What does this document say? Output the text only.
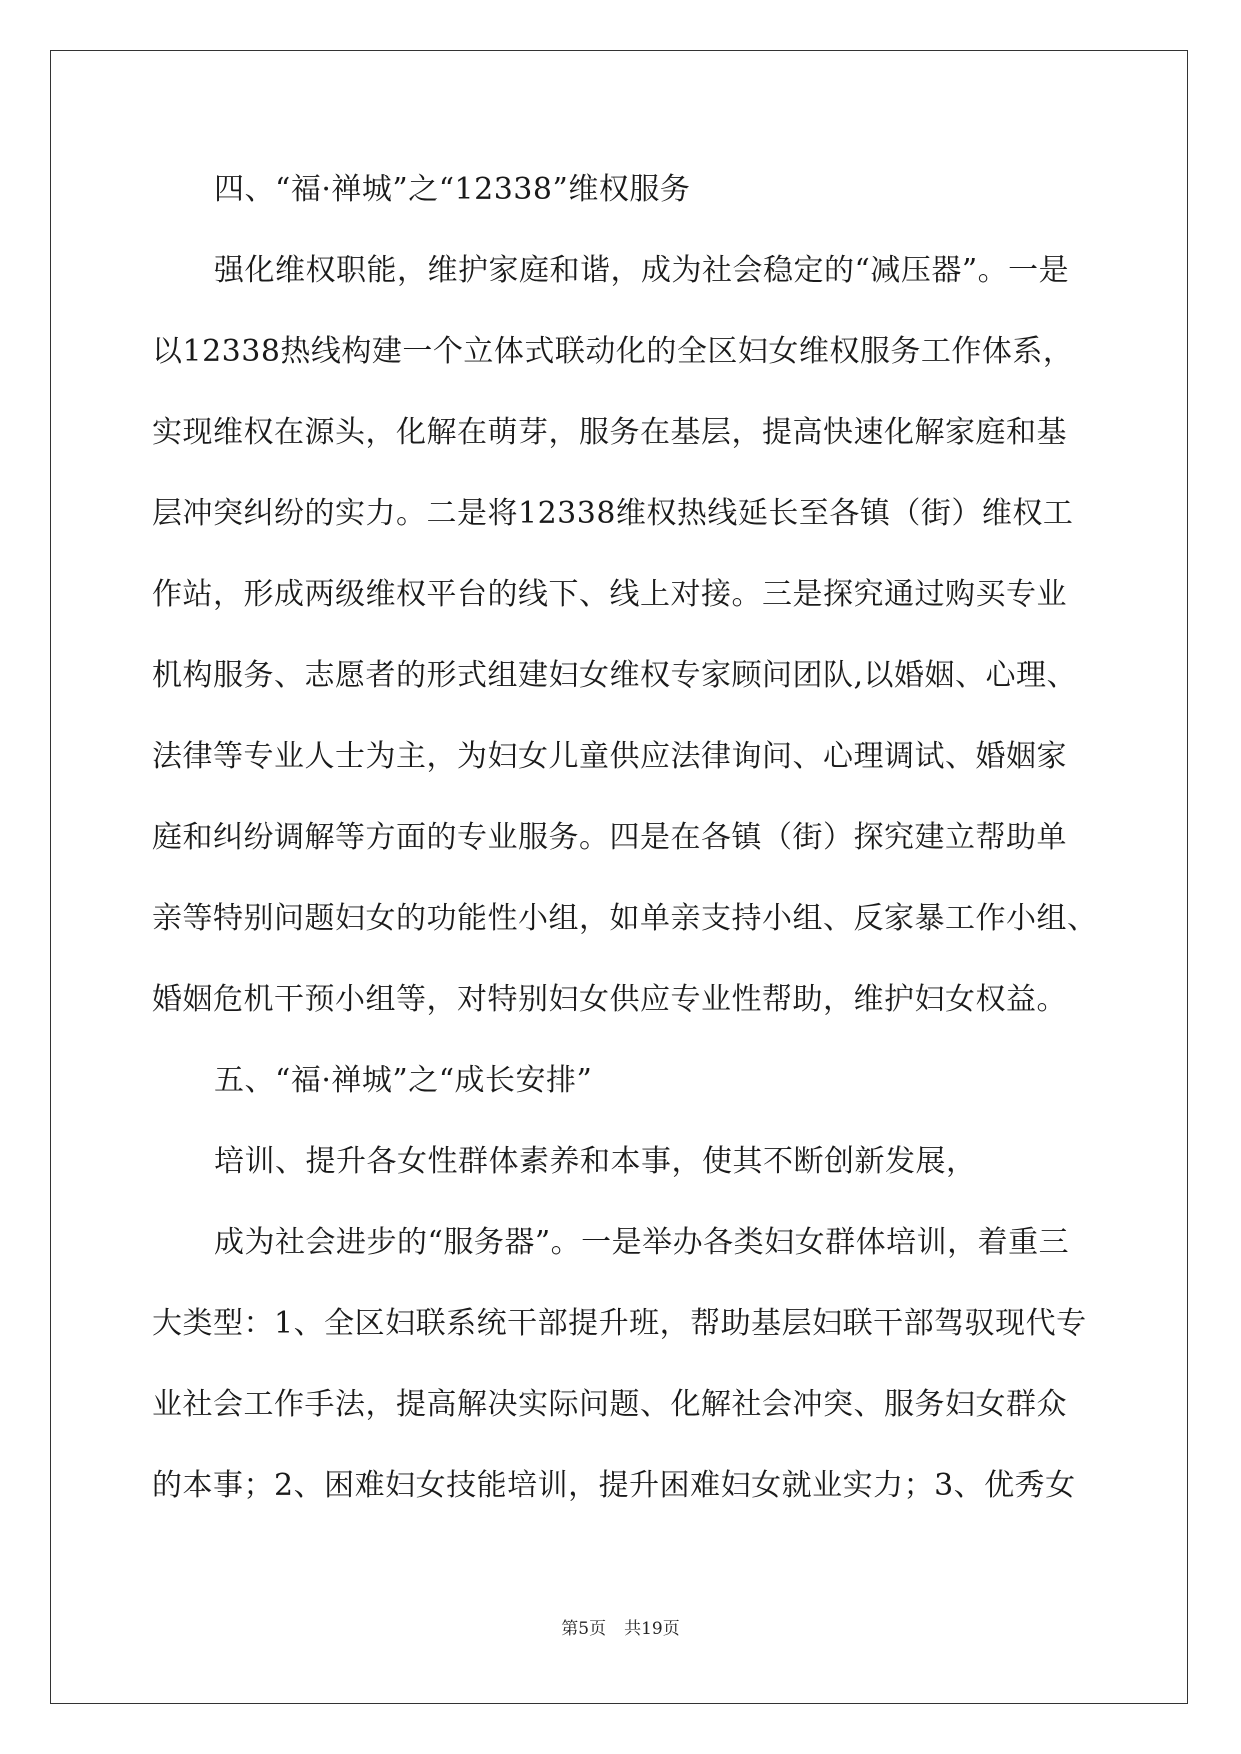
四、“福·禅城”之“12338”维权服务
强化维权职能，维护家庭和谐，成为社会稳定的“减压器”。一是
以12338热线构建一个立体式联动化的全区妇女维权服务工作体系，
实现维权在源头，化解在萌芽，服务在基层，提高快速化解家庭和基
层冲突纠纷的实力。二是将12338维权热线延长至各镇（街）维权工
作站，形成两级维权平台的线下、线上对接。三是探究通过购买专业
机构服务、志愿者的形式组建妇女维权专家顾问团队,以婚姻、心理、
法律等专业人士为主，为妇女儿童供应法律询问、心理调试、婚姻家
庭和纠纷调解等方面的专业服务。四是在各镇（街）探究建立帮助单
亲等特别问题妇女的功能性小组，如单亲支持小组、反家暴工作小组、
婚姻危机干预小组等，对特别妇女供应专业性帮助，维护妇女权益。
五、“福·禅城”之“成长安排”
培训、提升各女性群体素养和本事，使其不断创新发展，
成为社会进步的“服务器”。一是举办各类妇女群体培训，着重三
大类型：1、全区妇联系统干部提升班，帮助基层妇联干部驾驭现代专
业社会工作手法，提高解决实际问题、化解社会冲突、服务妇女群众
的本事；2、困难妇女技能培训，提升困难妇女就业实力；3、优秀女
第5页 共19页
